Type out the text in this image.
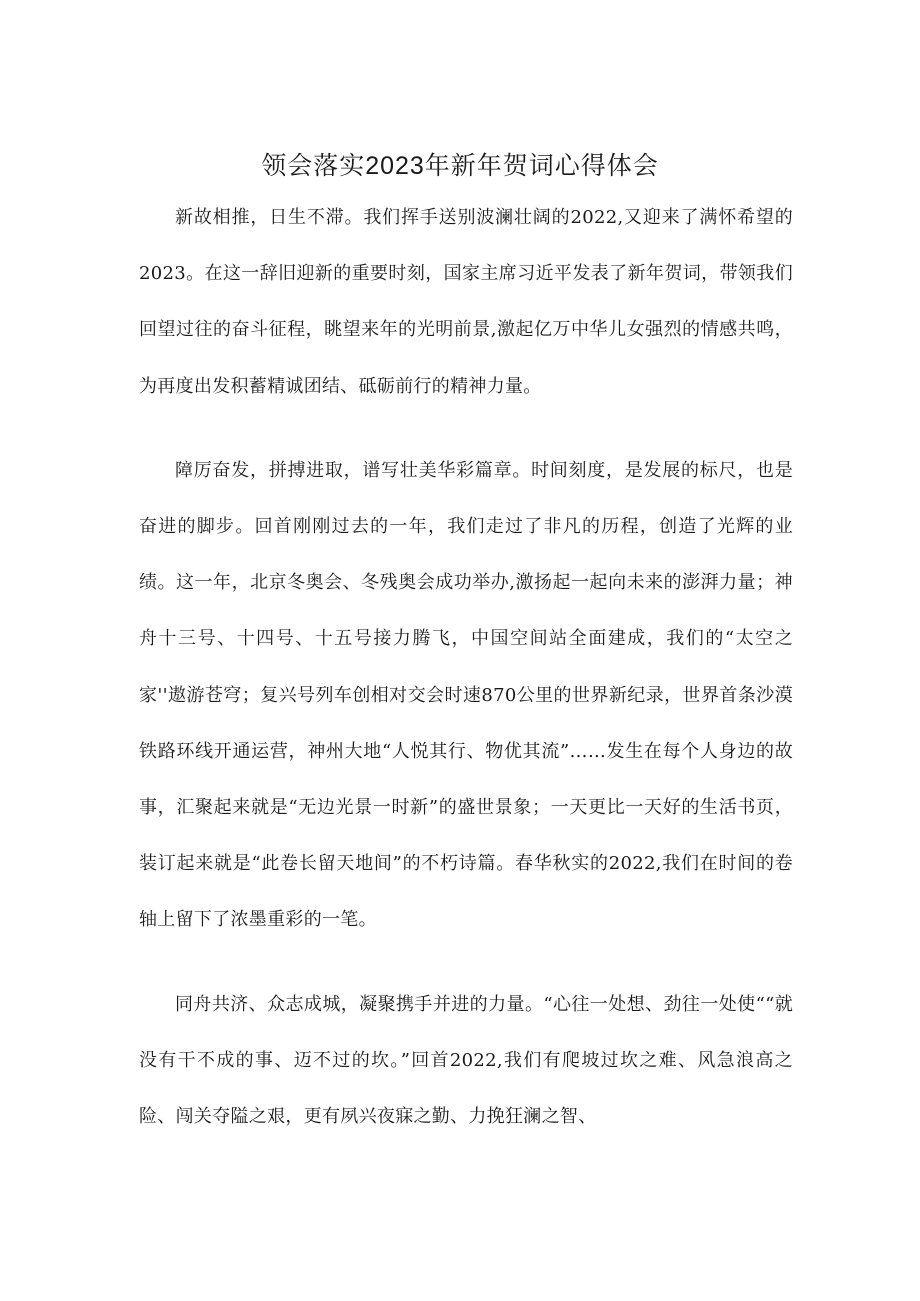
领会落实2023年新年贺词心得体会

新故相推，日生不滞。我们挥手送别波澜壮阔的2022,又迎来了满怀希望的2023。在这一辞旧迎新的重要时刻，国家主席习近平发表了新年贺词，带领我们回望过往的奋斗征程，眺望来年的光明前景,激起亿万中华儿女强烈的情感共鸣，为再度出发积蓄精诚团结、砥砺前行的精神力量。

障厉奋发，拼搏进取，谱写壮美华彩篇章。时间刻度，是发展的标尺，也是奋进的脚步。回首刚刚过去的一年，我们走过了非凡的历程，创造了光辉的业绩。这一年，北京冬奥会、冬残奥会成功举办,激扬起一起向未来的澎湃力量；神舟十三号、十四号、十五号接力腾飞，中国空间站全面建成，我们的“太空之家''遨游苍穹；复兴号列车创相对交会时速870公里的世界新纪录，世界首条沙漠铁路环线开通运营，神州大地“人悦其行、物优其流”……发生在每个人身边的故事，汇聚起来就是“无边光景一时新”的盛世景象；一天更比一天好的生活书页，装订起来就是“此卷长留天地间”的不朽诗篇。春华秋实的2022,我们在时间的卷轴上留下了浓墨重彩的一笔。

同舟共济、众志成城，凝聚携手并进的力量。“心往一处想、劲往一处使““就没有干不成的事、迈不过的坎。”回首2022,我们有爬坡过坎之难、风急浪高之险、闯关夺隘之艰，更有夙兴夜寐之勤、力挽狂澜之智、
